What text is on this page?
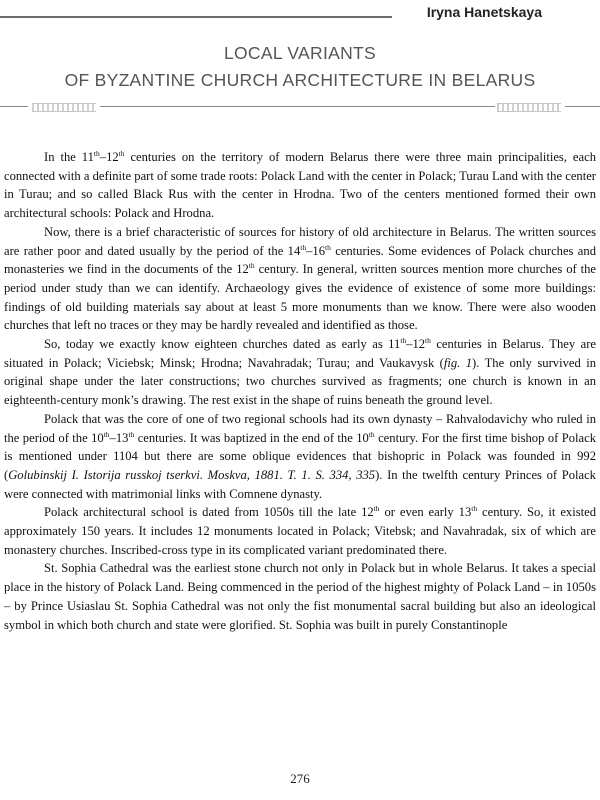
Iryna Hanetskaya
LOCAL VARIANTS
OF BYZANTINE CHURCH ARCHITECTURE IN BELARUS

In the 11th–12th centuries on the territory of modern Belarus there were three main principalities, each connected with a definite part of some trade roots: Polack Land with the center in Polack; Turau Land with the center in Turau; and so called Black Rus with the center in Hrodna. Two of the centers mentioned formed their own architectural schools: Polack and Hrodna.

Now, there is a brief characteristic of sources for history of old architecture in Belarus. The written sources are rather poor and dated usually by the period of the 14th–16th centuries. Some evidences of Polack churches and monasteries we find in the documents of the 12th century. In general, written sources mention more churches of the period under study than we can identify. Archaeology gives the evidence of existence of some more buildings: findings of old building materials say about at least 5 more monuments than we know. There were also wooden churches that left no traces or they may be hardly revealed and identified as those.

So, today we exactly know eighteen churches dated as early as 11th–12th centuries in Belarus. They are situated in Polack; Viciebsk; Minsk; Hrodna; Navahradak; Turau; and Vaukavysk (fig. 1). The only survived in original shape under the later constructions; two churches survived as fragments; one church is known in an eighteenth-century monk’s drawing. The rest exist in the shape of ruins beneath the ground level.

Polack that was the core of one of two regional schools had its own dynasty – Rahvalodavichy who ruled in the period of the 10th–13th centuries. It was baptized in the end of the 10th century. For the first time bishop of Polack is mentioned under 1104 but there are some oblique evidences that bishopric in Polack was founded in 992 (Golubinskij I. Istorija russkoj tserkvi. Moskva, 1881. T. 1. S. 334, 335). In the twelfth century Princes of Polack were connected with matrimonial links with Comnene dynasty.

Polack architectural school is dated from 1050s till the late 12th or even early 13th century. So, it existed approximately 150 years. It includes 12 monuments located in Polack; Vitebsk; and Navahradak, six of which are monastery churches. Inscribed-cross type in its complicated variant predominated there.

St. Sophia Cathedral was the earliest stone church not only in Polack but in whole Belarus. It takes a special place in the history of Polack Land. Being commenced in the period of the highest mighty of Polack Land – in 1050s – by Prince Usiaslau St. Sophia Cathedral was not only the fist monumental sacral building but also an ideological symbol in which both church and state were glorified. St. Sophia was built in purely Constantinople

276
